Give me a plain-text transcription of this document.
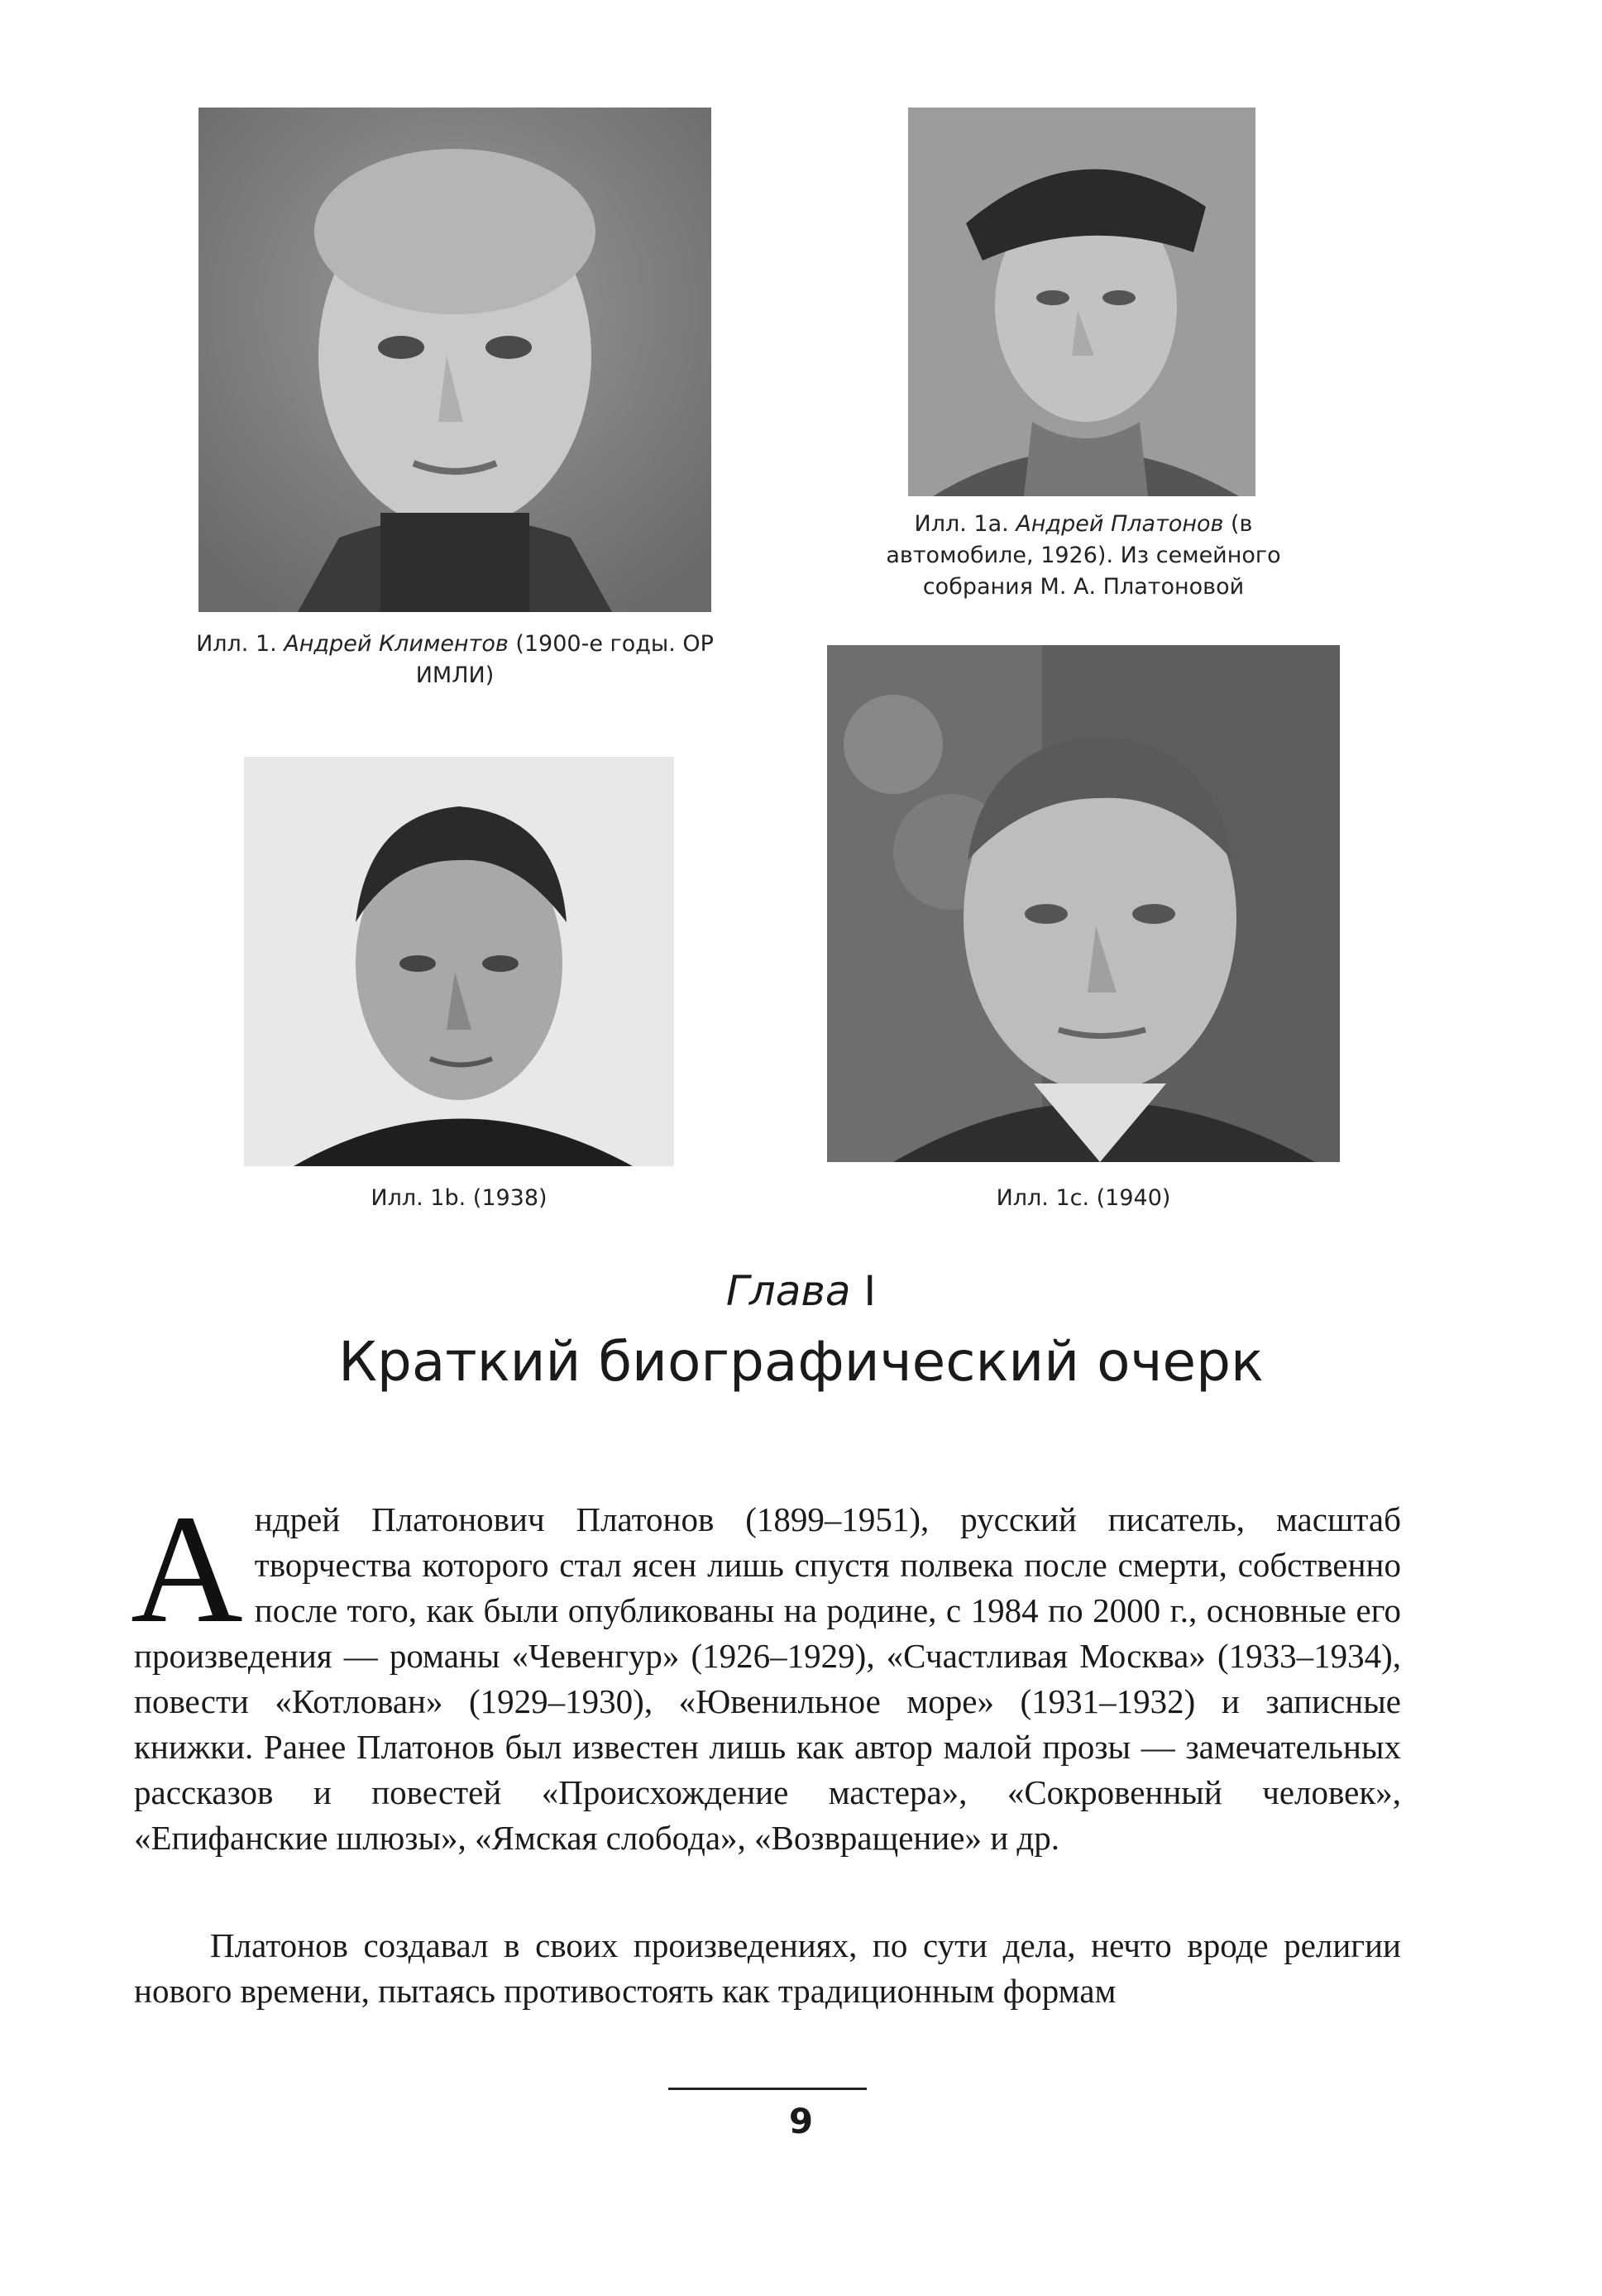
Илл. 1. Андрей Климентов (1900-е годы. ОР ИМЛИ)
Илл. 1а. Андрей Платонов (в автомобиле, 1926). Из семейного собрания М. А. Платоновой
Илл. 1b. (1938)	Илл. 1c. (1940)
Глава I
Краткий биографический очерк
А ндрей Платонович Платонов (1899–1951), русский писатель, масштаб творчества которого стал ясен лишь спустя полвека после смерти, собственно после того, как были опубликованы на родине, с 1984 по 2000 г., основные его произведения — романы «Чевенгур» (1926–1929), «Счастливая Москва» (1933–1934), повести «Котлован» (1929–1930), «Ювенильное море» (1931–1932) и записные книжки. Ранее Платонов был известен лишь как автор малой прозы — замечательных рассказов и повестей «Происхождение мастера», «Сокровенный человек», «Епифанские шлюзы», «Ямская слобода», «Возвращение» и др.
Платонов создавал в своих произведениях, по сути дела, нечто вроде религии нового времени, пытаясь противостоять как традиционным формам
9
